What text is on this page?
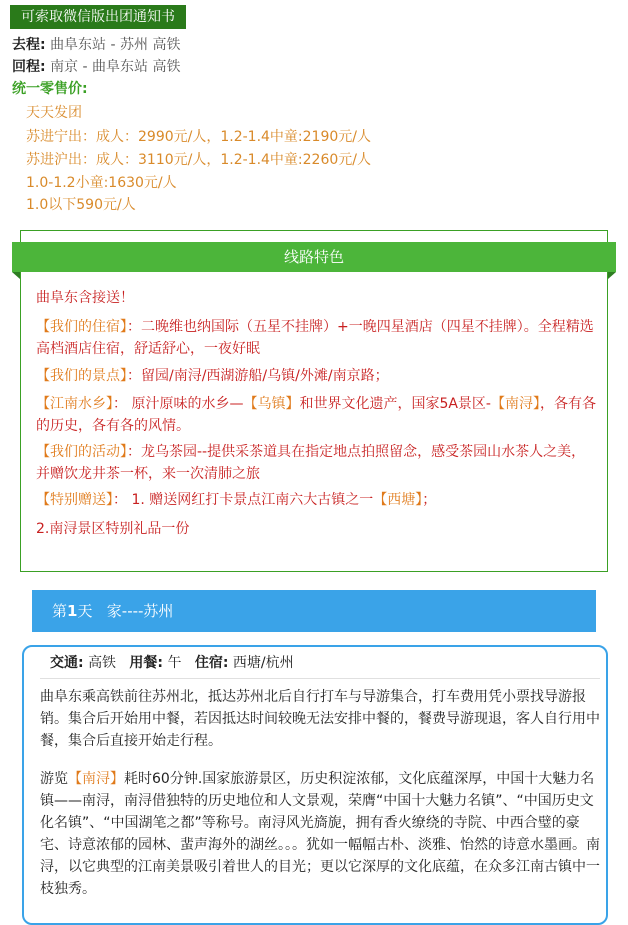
可索取微信版出团通知书
去程: 曲阜东站 - 苏州 高铁
回程: 南京 - 曲阜东站 高铁
统一零售价:
天天发团
苏进宁出：成人：2990元/人，1.2-1.4中童:2190元/人
苏进沪出：成人：3110元/人，1.2-1.4中童:2260元/人
1.0-1.2小童:1630元/人
1.0以下590元/人
线路特色
曲阜东含接送！
【我们的住宿】：二晚维也纳国际（五星不挂牌）+一晚四星酒店（四星不挂牌）。全程精选高档酒店住宿，舒适舒心，一夜好眠
【我们的景点】：留园/南浔/西湖游船/乌镇/外滩/南京路；
【江南水乡】： 原汁原味的水乡—【乌镇】和世界文化遗产，国家5A景区-【南浔】，各有各的历史，各有各的风情。
【我们的活动】：龙乌茶园--提供采茶道具在指定地点拍照留念，感受茶园山水茶人之美，并赠饮龙井茶一杯，来一次清肺之旅
【特别赠送】： 1. 赠送网红打卡景点江南六大古镇之一【西塘】；
2.南浔景区特别礼品一份
第1天 家----苏州
交通: 高铁 用餐: 午 住宿: 西塘/杭州
曲阜东乘高铁前往苏州北，抵达苏州北后自行打车与导游集合，打车费用凭小票找导游报销。集合后开始用中餐，若因抵达时间较晚无法安排中餐的，餐费导游现退，客人自行用中餐，集合后直接开始走行程。
游览【南浔】耗时60分钟.国家旅游景区，历史积淀浓郁，文化底蕴深厚，中国十大魅力名镇——南浔，南浔借独特的历史地位和人文景观，荣膺“中国十大魅力名镇”、“中国历史文化名镇”、“中国湖笔之都”等称号。南浔风光旖旎，拥有香火缭绕的寺院、中西合璧的豪宅、诗意浓郁的园林、蜚声海外的湖丝。。。犹如一幅幅古朴、淡雅、怡然的诗意水墨画。南浔，以它典型的江南美景吸引着世人的目光；更以它深厚的文化底蕴，在众多江南古镇中一枝独秀。
